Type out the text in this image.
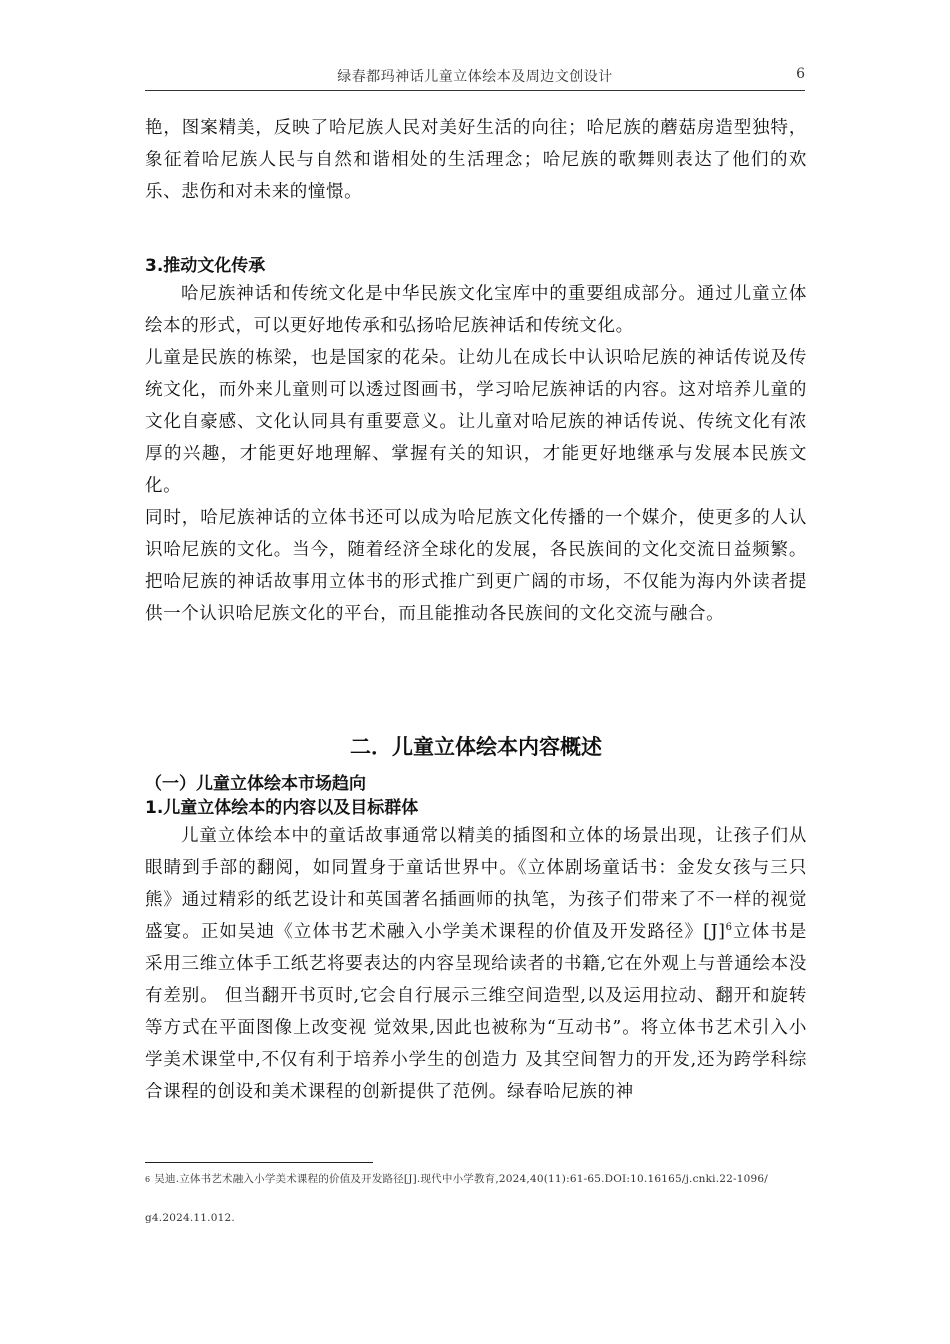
绿春都玛神话儿童立体绘本及周边文创设计	6

艳，图案精美，反映了哈尼族人民对美好生活的向往；哈尼族的蘑菇房造型独特，象征着哈尼族人民与自然和谐相处的生活理念；哈尼族的歌舞则表达了他们的欢乐、悲伤和对未来的憧憬。

3.推动文化传承

哈尼族神话和传统文化是中华民族文化宝库中的重要组成部分。通过儿童立体绘本的形式，可以更好地传承和弘扬哈尼族神话和传统文化。

儿童是民族的栋梁，也是国家的花朵。让幼儿在成长中认识哈尼族的神话传说及传统文化，而外来儿童则可以透过图画书，学习哈尼族神话的内容。这对培养儿童的文化自豪感、文化认同具有重要意义。让儿童对哈尼族的神话传说、传统文化有浓厚的兴趣，才能更好地理解、掌握有关的知识，才能更好地继承与发展本民族文化。

同时，哈尼族神话的立体书还可以成为哈尼族文化传播的一个媒介，使更多的人认识哈尼族的文化。当今，随着经济全球化的发展，各民族间的文化交流日益频繁。把哈尼族的神话故事用立体书的形式推广到更广阔的市场，不仅能为海内外读者提供一个认识哈尼族文化的平台，而且能推动各民族间的文化交流与融合。

二．儿童立体绘本内容概述
（一）儿童立体绘本市场趋向
1.儿童立体绘本的内容以及目标群体

儿童立体绘本中的童话故事通常以精美的插图和立体的场景出现，让孩子们从眼睛到手部的翻阅，如同置身于童话世界中。《立体剧场童话书：金发女孩与三只熊》通过精彩的纸艺设计和英国著名插画师的执笔，为孩子们带来了不一样的视觉盛宴。正如吴迪《立体书艺术融入小学美术课程的价值及开发路径》$[J]^6$立体书是采用三维立体手工纸艺将要表达的内容呈现给读者的书籍,它在外观上与普通绘本没有差别。 但当翻开书页时,它会自行展示三维空间造型,以及运用拉动、翻开和旋转等方式在平面图像上改变视 觉效果,因此也被称为“互动书”。将立体书艺术引入小学美术课堂中,不仅有利于培养小学生的创造力 及其空间智力的开发,还为跨学科综合课程的创设和美术课程的创新提供了范例。绿春哈尼族的神

6 吴迪.立体书艺术融入小学美术课程的价值及开发路径[J].现代中小学教育,2024,40(11):61-65.DOI:10.16165/j.cnki.22-1096/
g4.2024.11.012.
